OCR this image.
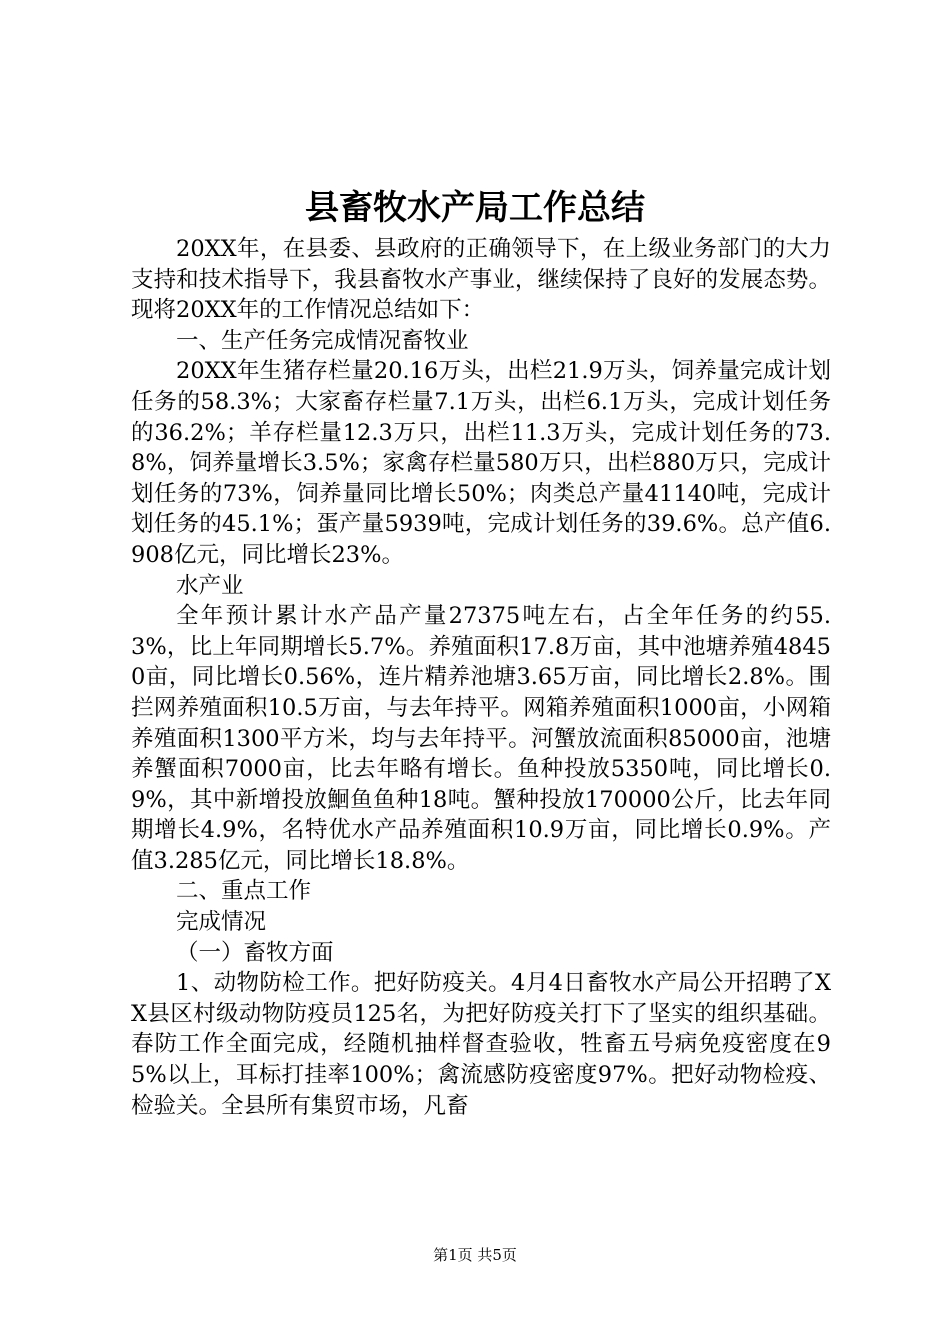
县畜牧水产局工作总结

20XX年，在县委、县政府的正确领导下，在上级业务部门的大力支持和技术指导下，我县畜牧水产事业，继续保持了良好的发展态势。现将20XX年的工作情况总结如下：

一、生产任务完成情况畜牧业

20XX年生猪存栏量20.16万头，出栏21.9万头，饲养量完成计划任务的58.3%；大家畜存栏量7.1万头，出栏6.1万头，完成计划任务的36.2%；羊存栏量12.3万只，出栏11.3万头，完成计划任务的73.8%，饲养量增长3.5%；家禽存栏量580万只，出栏880万只，完成计划任务的73%，饲养量同比增长50%；肉类总产量41140吨，完成计划任务的45.1%；蛋产量5939吨，完成计划任务的39.6%。总产值6.908亿元，同比增长23%。

水产业

全年预计累计水产品产量27375吨左右，占全年任务的约55.3%，比上年同期增长5.7%。养殖面积17.8万亩，其中池塘养殖48450亩，同比增长0.56%，连片精养池塘3.65万亩，同比增长2.8%。围拦网养殖面积10.5万亩，与去年持平。网箱养殖面积1000亩，小网箱养殖面积1300平方米，均与去年持平。河蟹放流面积85000亩，池塘养蟹面积7000亩，比去年略有增长。鱼种投放5350吨，同比增长0.9%，其中新增投放鮰鱼鱼种18吨。蟹种投放170000公斤，比去年同期增长4.9%，名特优水产品养殖面积10.9万亩，同比增长0.9%。产值3.285亿元，同比增长18.8%。

二、重点工作

完成情况

（一）畜牧方面

1、动物防检工作。把好防疫关。4月4日畜牧水产局公开招聘了XX县区村级动物防疫员125名，为把好防疫关打下了坚实的组织基础。春防工作全面完成，经随机抽样督查验收，牲畜五号病免疫密度在95%以上，耳标打挂率100%；禽流感防疫密度97%。把好动物检疫、检验关。全县所有集贸市场，凡畜

第1页 共5页
